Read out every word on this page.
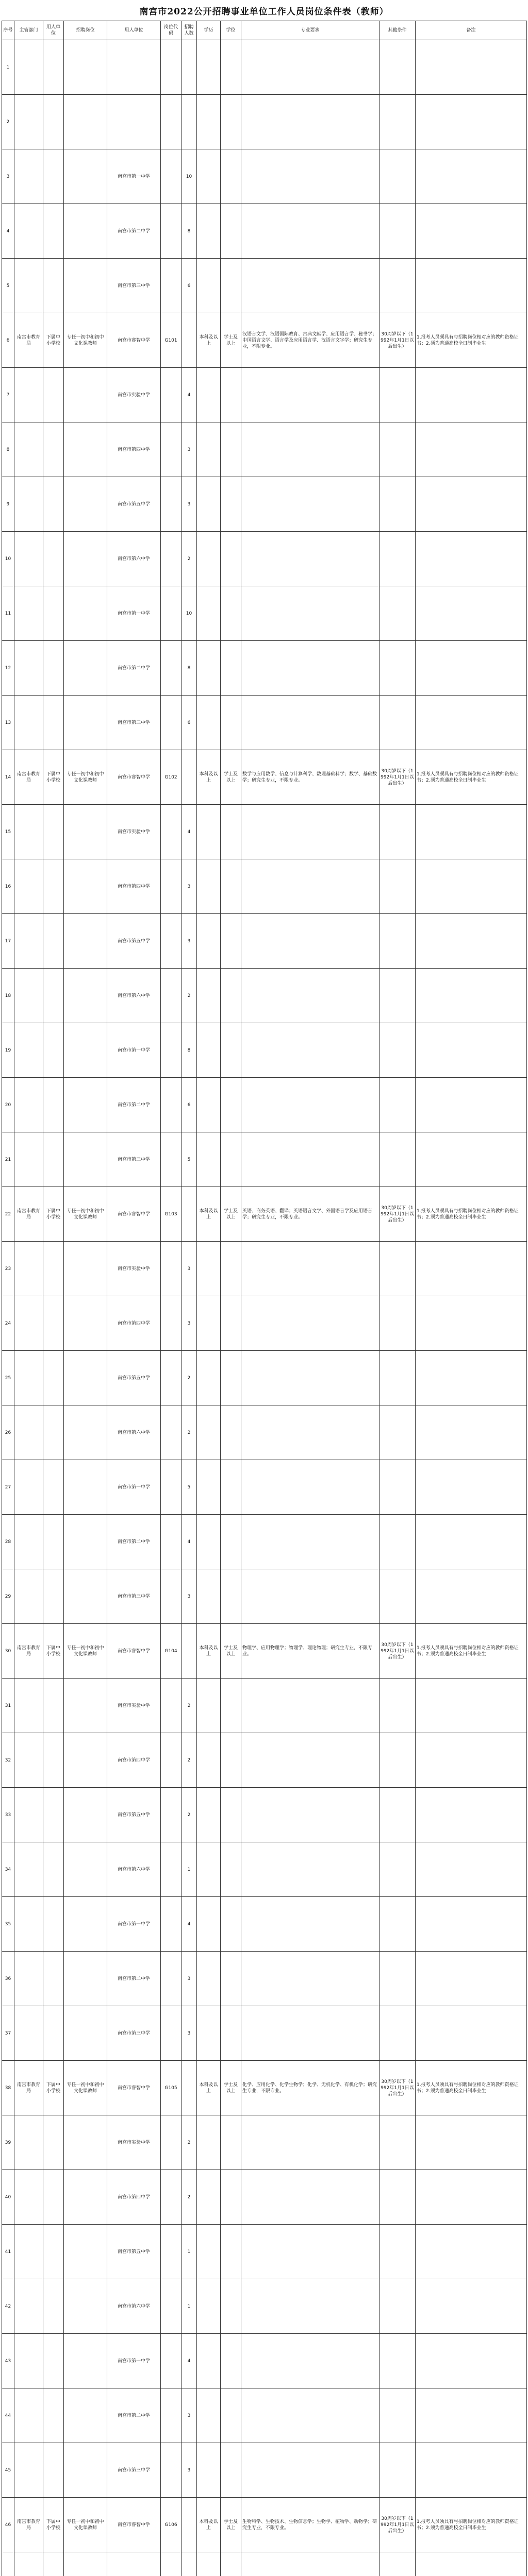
南宫市2022公开招聘事业单位工作人员岗位条件表（教师）
序号	主管部门	用人单位	招聘岗位	用人单位	岗位代码	招聘人数	学历	学位	专业要求	其他条件	备注
1											
2											
3				南宫市第一中学		10					
4				南宫市第二中学		8					
5				南宫市第三中学		6					
6	南宫市教育局	下属中小学校	专任一初中和初中文化课教师	南宫市睿智中学	G101		本科及以上	学士及以上	汉语言文学、汉语国际教育、古典文献学、应用语言学、秘书学；中国语言文学、语言学及应用语言学、汉语言文字学；研究生专业，不限专业。	30周岁以下（1992年1月1日以后出生）	1.报考人员须具有与招聘岗位相对应的教师资格证书；2.须为普通高校全日制毕业生
7				南宫市实验中学		4					
8				南宫市第四中学		3					
9				南宫市第五中学		3					
10				南宫市第六中学		2					
11				南宫市第一中学		10					
12				南宫市第二中学		8					
13				南宫市第三中学		6					
14	南宫市教育局	下属中小学校	专任一初中和初中文化课教师	南宫市睿智中学	G102		本科及以上	学士及以上	数学与应用数学、信息与计算科学、数理基础科学；数学、基础数学；研究生专业，不限专业。	30周岁以下（1992年1月1日以后出生）	1.报考人员须具有与招聘岗位相对应的教师资格证书；2.须为普通高校全日制毕业生
15				南宫市实验中学		4					
16				南宫市第四中学		3					
17				南宫市第五中学		3					
18				南宫市第六中学		2					
19				南宫市第一中学		8					
20				南宫市第二中学		6					
21				南宫市第三中学		5					
22	南宫市教育局	下属中小学校	专任一初中和初中文化课教师	南宫市睿智中学	G103		本科及以上	学士及以上	英语、商务英语、翻译；英语语言文学、外国语言学及应用语言学；研究生专业，不限专业。	30周岁以下（1992年1月1日以后出生）	1.报考人员须具有与招聘岗位相对应的教师资格证书；2.须为普通高校全日制毕业生
23				南宫市实验中学		3					
24				南宫市第四中学		3					
25				南宫市第五中学		2					
26				南宫市第六中学		2					
27				南宫市第一中学		5					
28				南宫市第二中学		4					
29				南宫市第三中学		3					
30	南宫市教育局	下属中小学校	专任一初中和初中文化课教师	南宫市睿智中学	G104		本科及以上	学士及以上	物理学、应用物理学；物理学、理论物理；研究生专业，不限专业。	30周岁以下（1992年1月1日以后出生）	1.报考人员须具有与招聘岗位相对应的教师资格证书；2.须为普通高校全日制毕业生
31				南宫市实验中学		2					
32				南宫市第四中学		2					
33				南宫市第五中学		2					
34				南宫市第六中学		1					
35				南宫市第一中学		4					
36				南宫市第二中学		3					
37				南宫市第三中学		3					
38	南宫市教育局	下属中小学校	专任一初中和初中文化课教师	南宫市睿智中学	G105		本科及以上	学士及以上	化学、应用化学、化学生物学；化学、无机化学、有机化学；研究生专业，不限专业。	30周岁以下（1992年1月1日以后出生）	1.报考人员须具有与招聘岗位相对应的教师资格证书；2.须为普通高校全日制毕业生
39				南宫市实验中学		2					
40				南宫市第四中学		2					
41				南宫市第五中学		1					
42				南宫市第六中学		1					
43				南宫市第一中学		4					
44				南宫市第二中学		3					
45				南宫市第三中学		3					
46	南宫市教育局	下属中小学校	专任一初中和初中文化课教师	南宫市睿智中学	G106		本科及以上	学士及以上	生物科学、生物技术、生物信息学；生物学、植物学、动物学；研究生专业，不限专业。	30周岁以下（1992年1月1日以后出生）	1.报考人员须具有与招聘岗位相对应的教师资格证书；2.须为普通高校全日制毕业生
